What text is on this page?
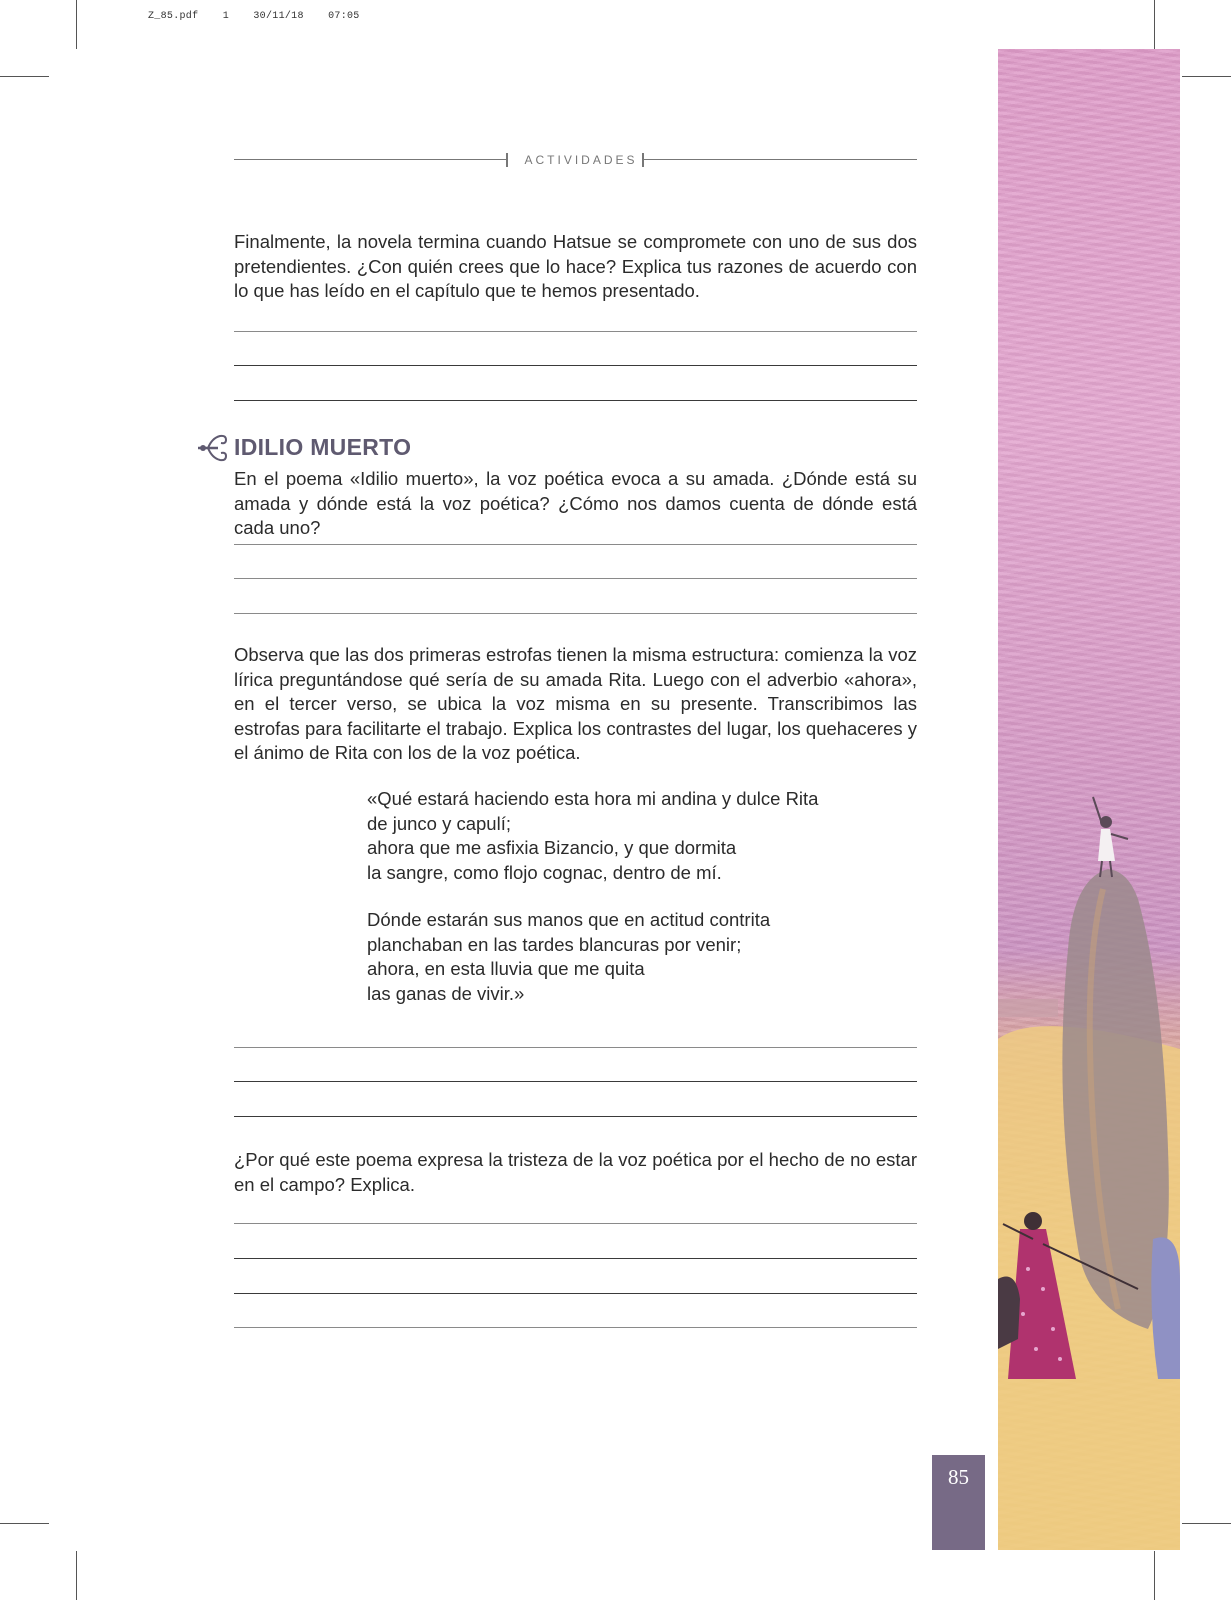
Z_85.pdf 1 30/11/18 07:05
ACTIVIDADES
Finalmente, la novela termina cuando Hatsue se compromete con uno de sus dos pretendientes. ¿Con quién crees que lo hace? Explica tus razones de acuerdo con lo que has leído en el capítulo que te hemos presentado.
IDILIO MUERTO
En el poema «Idilio muerto», la voz poética evoca a su amada. ¿Dónde está su amada y dónde está la voz poética? ¿Cómo nos damos cuenta de dónde está cada uno?
Observa que las dos primeras estrofas tienen la misma estructura: comienza la voz lírica preguntándose qué sería de su amada Rita. Luego con el adverbio «ahora», en el tercer verso, se ubica la voz misma en su presente. Transcribimos las estrofas para facilitarte el trabajo. Explica los contrastes del lugar, los quehaceres y el ánimo de Rita con los de la voz poética.
«Qué estará haciendo esta hora mi andina y dulce Rita
de junco y capulí;
ahora que me asfixia Bizancio, y que dormita
la sangre, como flojo cognac, dentro de mí.
Dónde estarán sus manos que en actitud contrita
planchaban en las tardes blancuras por venir;
ahora, en esta lluvia que me quita
las ganas de vivir.»
¿Por qué este poema expresa la tristeza de la voz poética por el hecho de no estar en el campo? Explica.
85
